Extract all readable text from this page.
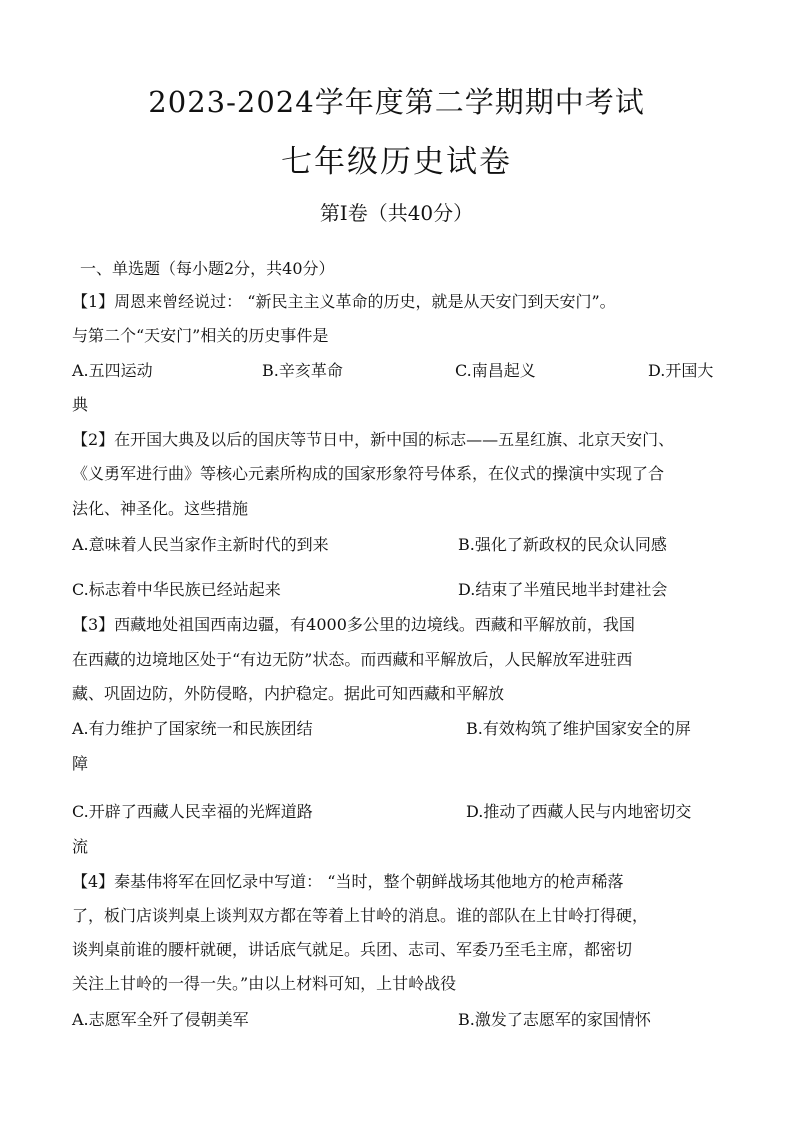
2023-2024学年度第二学期期中考试
七年级历史试卷
第Ⅰ卷（共40分）
一、单选题（每小题2分，共40分）
【1】周恩来曾经说过： “新民主主义革命的历史，就是从天安门到天安门”。
与第二个“天安门”相关的历史事件是
A.五四运动	B.辛亥革命	C.南昌起义	D.开国大
典
【2】在开国大典及以后的国庆等节日中，新中国的标志——五星红旗、北京天安门、
《义勇军进行曲》等核心元素所构成的国家形象符号体系，在仪式的操演中实现了合
法化、神圣化。这些措施
A.意味着人民当家作主新时代的到来	B.强化了新政权的民众认同感
C.标志着中华民族已经站起来	D.结束了半殖民地半封建社会
【3】西藏地处祖国西南边疆，有4000多公里的边境线。西藏和平解放前，我国
在西藏的边境地区处于“有边无防”状态。而西藏和平解放后，人民解放军进驻西
藏、巩固边防，外防侵略，内护稳定。据此可知西藏和平解放
A.有力维护了国家统一和民族团结	B.有效构筑了维护国家安全的屏
障
C.开辟了西藏人民幸福的光辉道路	D.推动了西藏人民与内地密切交
流
【4】秦基伟将军在回忆录中写道： “当时，整个朝鲜战场其他地方的枪声稀落
了，板门店谈判桌上谈判双方都在等着上甘岭的消息。谁的部队在上甘岭打得硬，
谈判桌前谁的腰杆就硬，讲话底气就足。兵团、志司、军委乃至毛主席，都密切
关注上甘岭的一得一失。”由以上材料可知，上甘岭战役
A.志愿军全歼了侵朝美军	B.激发了志愿军的家国情怀
